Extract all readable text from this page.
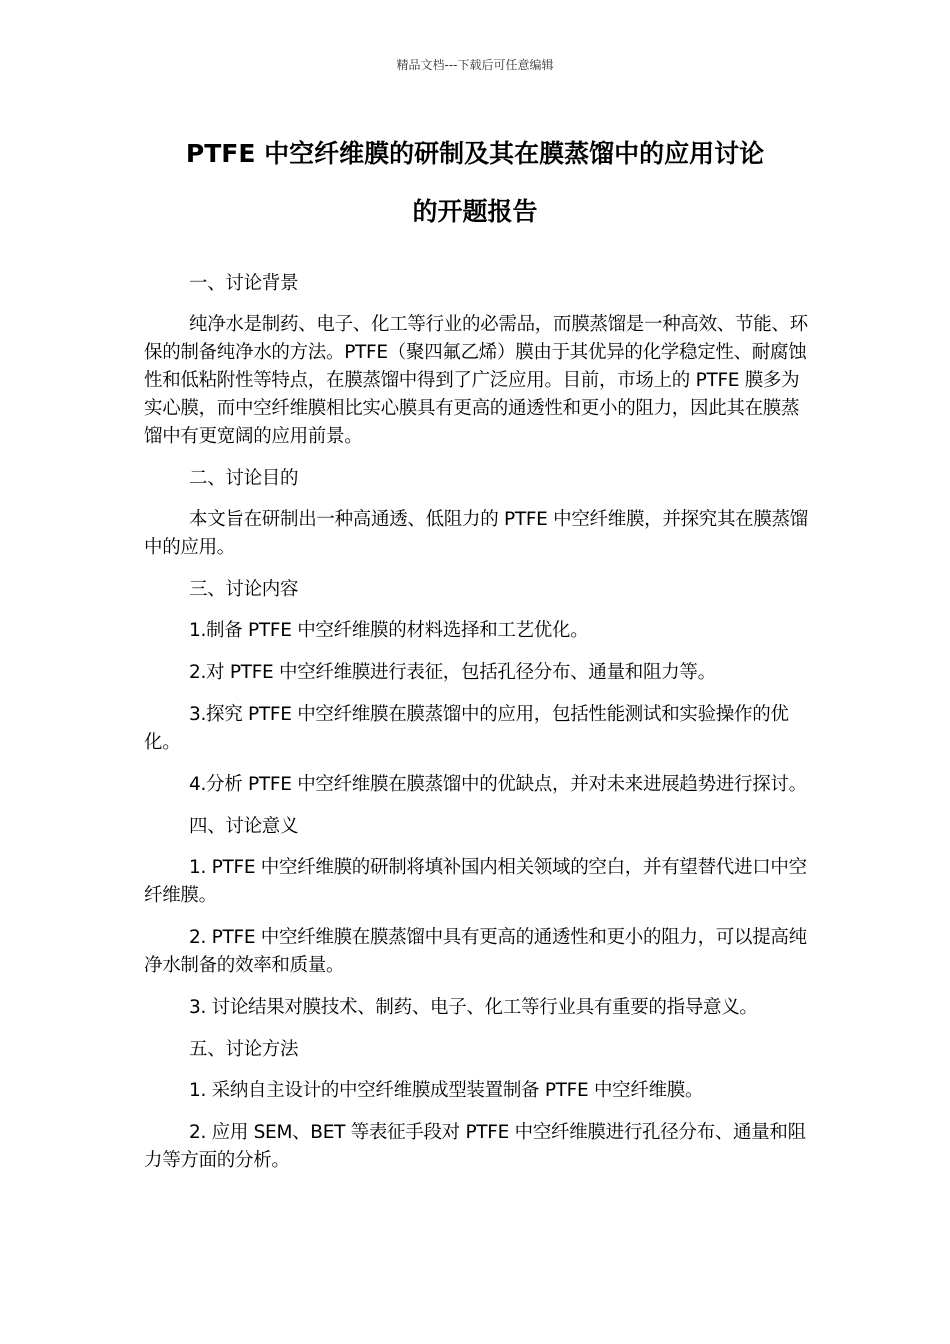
精品文档---下载后可任意编辑
PTFE 中空纤维膜的研制及其在膜蒸馏中的应用讨论
的开题报告

一、讨论背景

纯净水是制药、电子、化工等行业的必需品，而膜蒸馏是一种高效、节能、环保的制备纯净水的方法。PTFE（聚四氟乙烯）膜由于其优异的化学稳定性、耐腐蚀性和低粘附性等特点，在膜蒸馏中得到了广泛应用。目前，市场上的 PTFE 膜多为实心膜，而中空纤维膜相比实心膜具有更高的通透性和更小的阻力，因此其在膜蒸馏中有更宽阔的应用前景。

二、讨论目的

本文旨在研制出一种高通透、低阻力的 PTFE 中空纤维膜，并探究其在膜蒸馏中的应用。

三、讨论内容

1.制备 PTFE 中空纤维膜的材料选择和工艺优化。

2.对 PTFE 中空纤维膜进行表征，包括孔径分布、通量和阻力等。

3.探究 PTFE 中空纤维膜在膜蒸馏中的应用，包括性能测试和实验操作的优化。

4.分析 PTFE 中空纤维膜在膜蒸馏中的优缺点，并对未来进展趋势进行探讨。

四、讨论意义

1. PTFE 中空纤维膜的研制将填补国内相关领域的空白，并有望替代进口中空纤维膜。

2. PTFE 中空纤维膜在膜蒸馏中具有更高的通透性和更小的阻力，可以提高纯净水制备的效率和质量。

3. 讨论结果对膜技术、制药、电子、化工等行业具有重要的指导意义。

五、讨论方法

1. 采纳自主设计的中空纤维膜成型装置制备 PTFE 中空纤维膜。

2. 应用 SEM、BET 等表征手段对 PTFE 中空纤维膜进行孔径分布、通量和阻力等方面的分析。
